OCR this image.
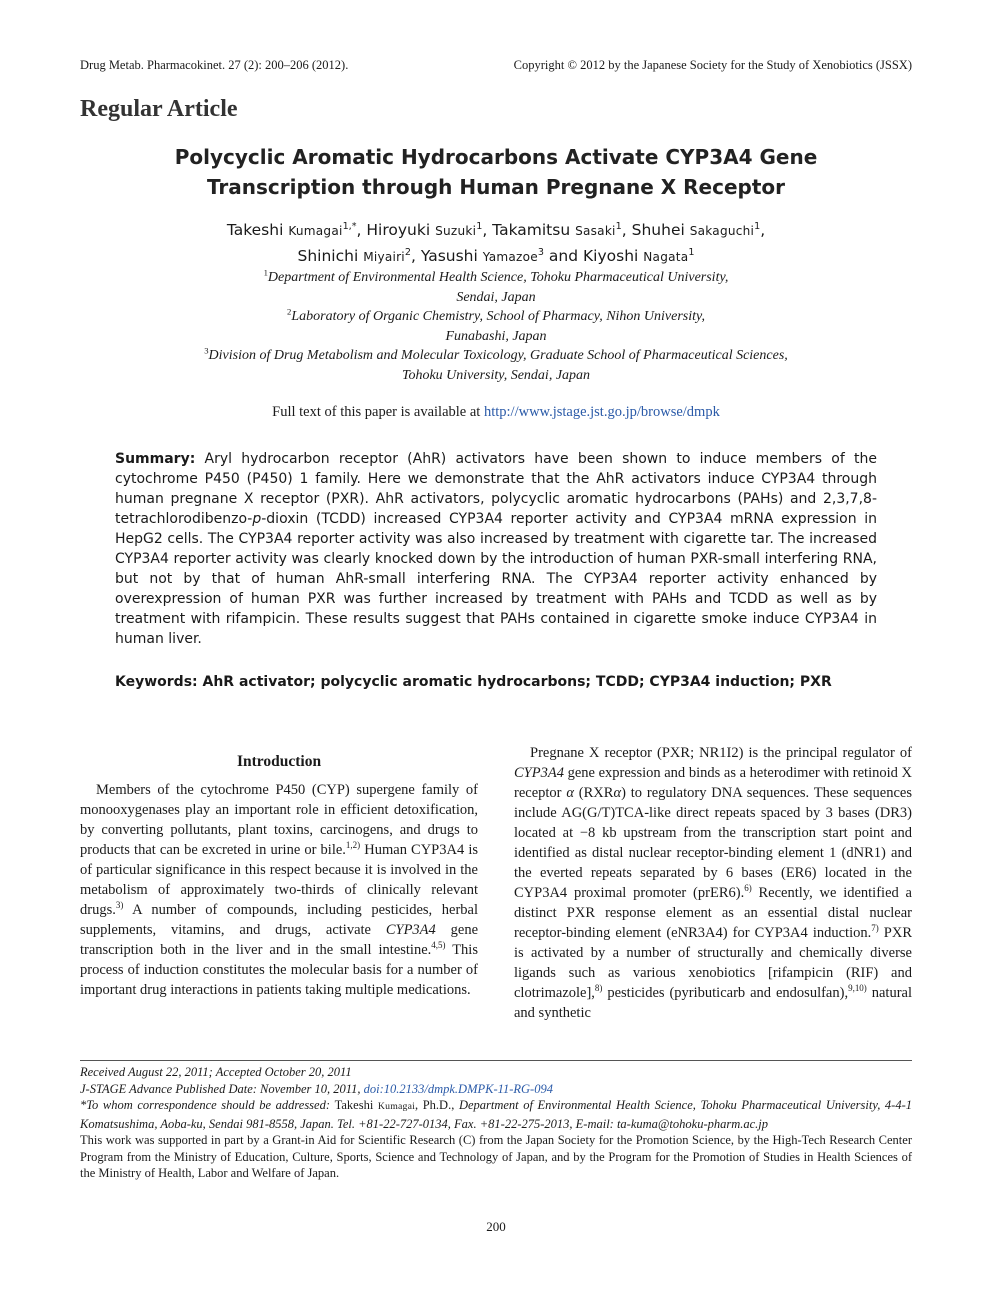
Drug Metab. Pharmacokinet. 27 (2): 200–206 (2012).	Copyright © 2012 by the Japanese Society for the Study of Xenobiotics (JSSX)
Regular Article
Polycyclic Aromatic Hydrocarbons Activate CYP3A4 Gene
Transcription through Human Pregnane X Receptor
Takeshi Kumagai$^{1,*}$, Hiroyuki Suzuki$^1$, Takamitsu Sasaki$^1$, Shuhei Sakaguchi$^1$,
Shinichi Miyairi$^2$, Yasushi Yamazoe$^3$ and Kiyoshi Nagata$^1$
$^1$Department of Environmental Health Science, Tohoku Pharmaceutical University,
Sendai, Japan
$^2$Laboratory of Organic Chemistry, School of Pharmacy, Nihon University,
Funabashi, Japan
$^3$Division of Drug Metabolism and Molecular Toxicology, Graduate School of Pharmaceutical Sciences,
Tohoku University, Sendai, Japan
Full text of this paper is available at http://www.jstage.jst.go.jp/browse/dmpk
Summary: Aryl hydrocarbon receptor (AhR) activators have been shown to induce members of the cytochrome P450 (P450) 1 family. Here we demonstrate that the AhR activators induce CYP3A4 through human pregnane X receptor (PXR). AhR activators, polycyclic aromatic hydrocarbons (PAHs) and 2,3,7,8-tetrachlorodibenzo-p-dioxin (TCDD) increased CYP3A4 reporter activity and CYP3A4 mRNA expression in HepG2 cells. The CYP3A4 reporter activity was also increased by treatment with cigarette tar. The increased CYP3A4 reporter activity was clearly knocked down by the introduction of human PXR-small interfering RNA, but not by that of human AhR-small interfering RNA. The CYP3A4 reporter activity enhanced by overexpression of human PXR was further increased by treatment with PAHs and TCDD as well as by treatment with rifampicin. These results suggest that PAHs contained in cigarette smoke induce CYP3A4 in human liver.
Keywords: AhR activator; polycyclic aromatic hydrocarbons; TCDD; CYP3A4 induction; PXR
Introduction

Members of the cytochrome P450 (CYP) supergene family of monooxygenases play an important role in efficient detoxification, by converting pollutants, plant toxins, carcinogens, and drugs to products that can be excreted in urine or bile.$^{1,2)}$ Human CYP3A4 is of particular significance in this respect because it is involved in the metabolism of approximately two-thirds of clinically relevant drugs.$^{3)}$ A number of compounds, including pesticides, herbal supplements, vitamins, and drugs, activate CYP3A4 gene transcription both in the liver and in the small intestine.$^{4,5)}$ This process of induction constitutes the molecular basis for a number of important drug interactions in patients taking multiple medications.

Pregnane X receptor (PXR; NR1I2) is the principal regulator of CYP3A4 gene expression and binds as a heterodimer with retinoid X receptor α (RXRα) to regulatory DNA sequences. These sequences include AG(G/T)TCA-like direct repeats spaced by 3 bases (DR3) located at −8 kb upstream from the transcription start point and identified as distal nuclear receptor-binding element 1 (dNR1) and the everted repeats separated by 6 bases (ER6) located in the CYP3A4 proximal promoter (prER6).$^{6)}$ Recently, we identified a distinct PXR response element as an essential distal nuclear receptor-binding element (eNR3A4) for CYP3A4 induction.$^{7)}$ PXR is activated by a number of structurally and chemically diverse ligands such as various xenobiotics [rifampicin (RIF) and clotrimazole],$^{8)}$ pesticides (pyributicarb and endosulfan),$^{9,10)}$ natural and synthetic

Received August 22, 2011; Accepted October 20, 2011
J-STAGE Advance Published Date: November 10, 2011, doi:10.2133/dmpk.DMPK-11-RG-094
*To whom correspondence should be addressed: Takeshi Kumagai, Ph.D., Department of Environmental Health Science, Tohoku Pharmaceutical University, 4-4-1 Komatsushima, Aoba-ku, Sendai 981-8558, Japan. Tel. +81-22-727-0134, Fax. +81-22-275-2013, E-mail: ta-kuma@tohoku-pharm.ac.jp
This work was supported in part by a Grant-in Aid for Scientific Research (C) from the Japan Society for the Promotion Science, by the High-Tech Research Center Program from the Ministry of Education, Culture, Sports, Science and Technology of Japan, and by the Program for the Promotion of Studies in Health Sciences of the Ministry of Health, Labor and Welfare of Japan.
200
